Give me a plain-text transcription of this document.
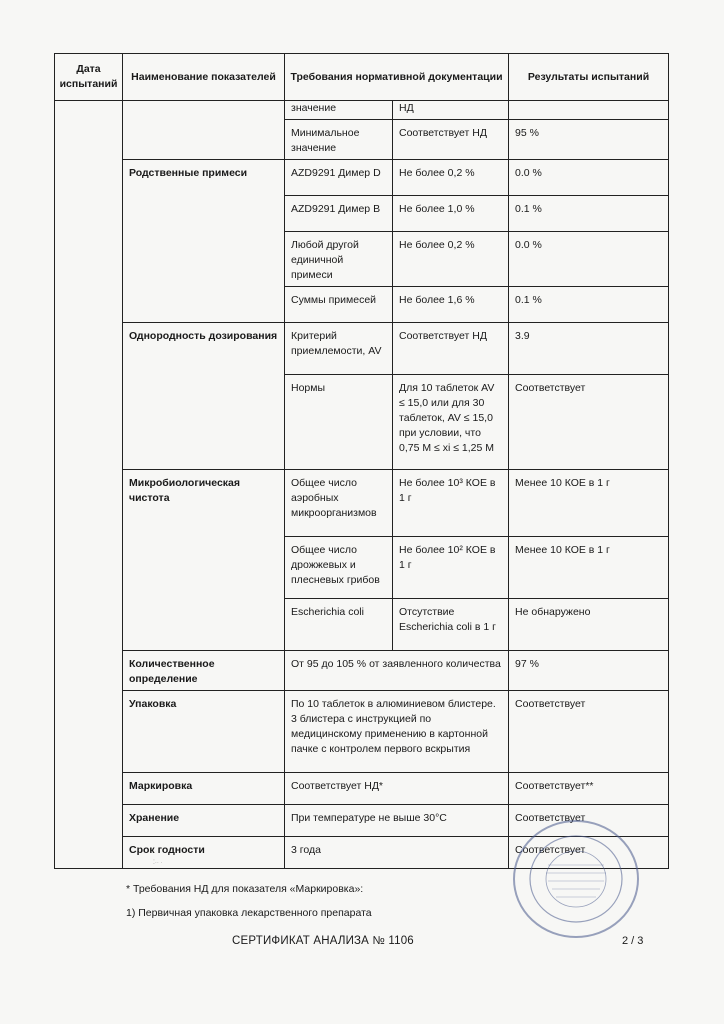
Дата испытаний	Наименование показателей	Требования нормативной документации		Результаты испытаний
		значение	НД	
		Минимальное значение	Соответствует НД	95 %
	Родственные примеси	AZD9291 Димер D	Не более 0,2 %	0.0 %
		AZD9291 Димер B	Не более 1,0 %	0.1 %
		Любой другой единичной примеси	Не более 0,2 %	0.0 %
		Суммы примесей	Не более 1,6 %	0.1 %
	Однородность дозирования	Критерий приемлемости, AV	Соответствует НД	3.9
		Нормы	Для 10 таблеток AV ≤ 15,0 или для 30 таблеток, AV ≤ 15,0 при условии, что 0,75 M ≤ xi ≤ 1,25 M	Соответствует
	Микробиологическая чистота	Общее число аэробных микроорганизмов	Не более 10³ КОЕ в 1 г	Менее 10 КОЕ в 1 г
		Общее число дрожжевых и плесневых грибов	Не более 10² КОЕ в 1 г	Менее 10 КОЕ в 1 г
		Escherichia coli	Отсутствие Escherichia coli в 1 г	Не обнаружено
	Количественное определение	От 95 до 105 % от заявленного количества		97 %
	Упаковка	По 10 таблеток в алюминиевом блистере. 3 блистера с инструкцией по медицинскому применению в картонной пачке с контролем первого вскрытия		Соответствует
	Маркировка	Соответствует НД*		Соответствует**
	Хранение	При температуре не выше 30°C		Соответствует
	Срок годности	3 года		Соответствует
⁚·· ·
* Требования НД для показателя «Маркировка»:
1) Первичная упаковка лекарственного препарата
СЕРТИФИКАТ АНАЛИЗА № 1106	2 / 3
